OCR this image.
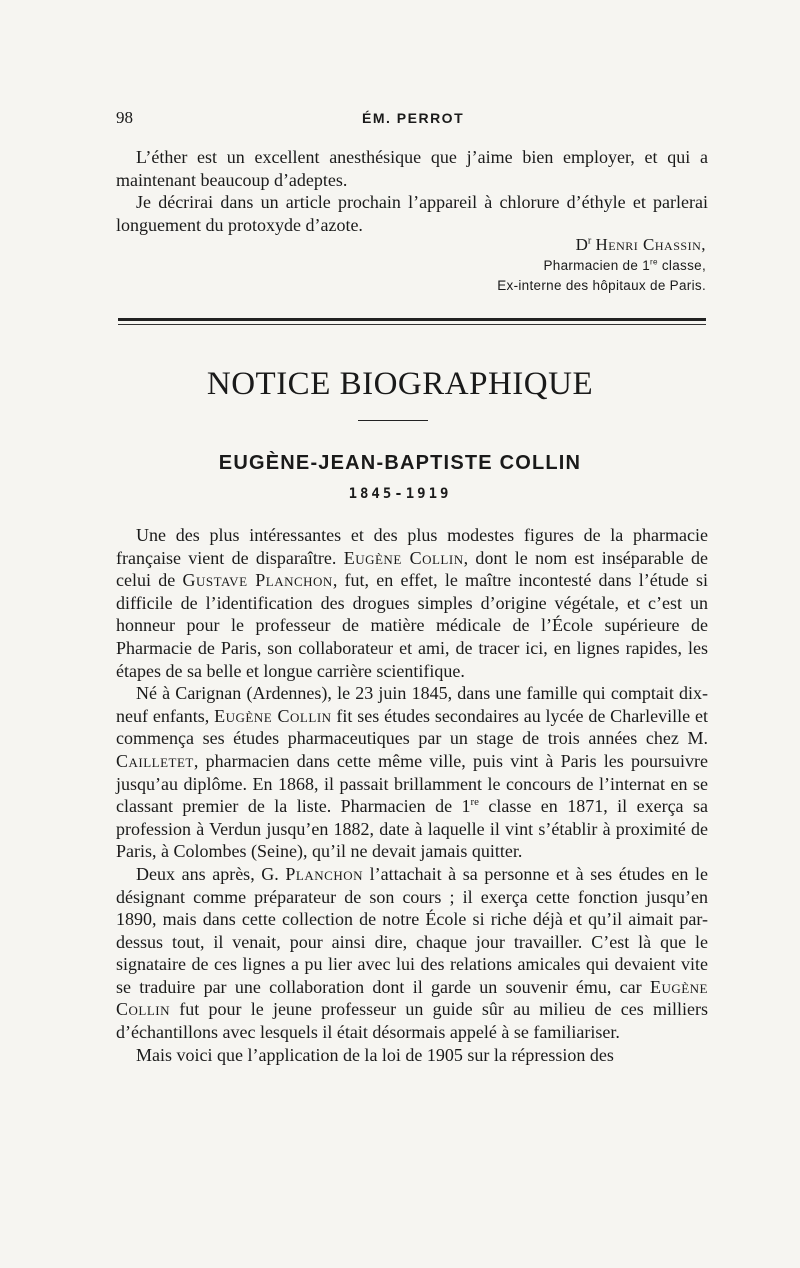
98	ÉM. PERROT

L’éther est un excellent anesthésique que j’aime bien employer, et qui a maintenant beaucoup d’adeptes.

Je décrirai dans un article prochain l’appareil à chlorure d’éthyle et parlerai longuement du protoxyde d’azote.

$D^r$ Henri Chassin,
Pharmacien de 1re classe,
Ex-interne des hôpitaux de Paris.
NOTICE BIOGRAPHIQUE
EUGÈNE-JEAN-BAPTISTE COLLIN
1845-1919

Une des plus intéressantes et des plus modestes figures de la pharmacie française vient de disparaître. Eugène Collin, dont le nom est inséparable de celui de Gustave Planchon, fut, en effet, le maître incontesté dans l’étude si difficile de l’identification des drogues simples d’origine végétale, et c’est un honneur pour le professeur de matière médicale de l’École supérieure de Pharmacie de Paris, son collaborateur et ami, de tracer ici, en lignes rapides, les étapes de sa belle et longue carrière scientifique.

Né à Carignan (Ardennes), le 23 juin 1845, dans une famille qui comptait dix-neuf enfants, Eugène Collin fit ses études secondaires au lycée de Charleville et commença ses études pharmaceutiques par un stage de trois années chez M. Cailletet, pharmacien dans cette même ville, puis vint à Paris les poursuivre jusqu’au diplôme. En 1868, il passait brillamment le concours de l’internat en se classant premier de la liste. Pharmacien de 1re classe en 1871, il exerça sa profession à Verdun jusqu’en 1882, date à laquelle il vint s’établir à proximité de Paris, à Colombes (Seine), qu’il ne devait jamais quitter.

Deux ans après, G. Planchon l’attachait à sa personne et à ses études en le désignant comme préparateur de son cours ; il exerça cette fonction jusqu’en 1890, mais dans cette collection de notre École si riche déjà et qu’il aimait par-dessus tout, il venait, pour ainsi dire, chaque jour travailler. C’est là que le signataire de ces lignes a pu lier avec lui des relations amicales qui devaient vite se traduire par une collaboration dont il garde un souvenir ému, car Eugène Collin fut pour le jeune professeur un guide sûr au milieu de ces milliers d’échantillons avec lesquels il était désormais appelé à se familiariser.

Mais voici que l’application de la loi de 1905 sur la répression des
